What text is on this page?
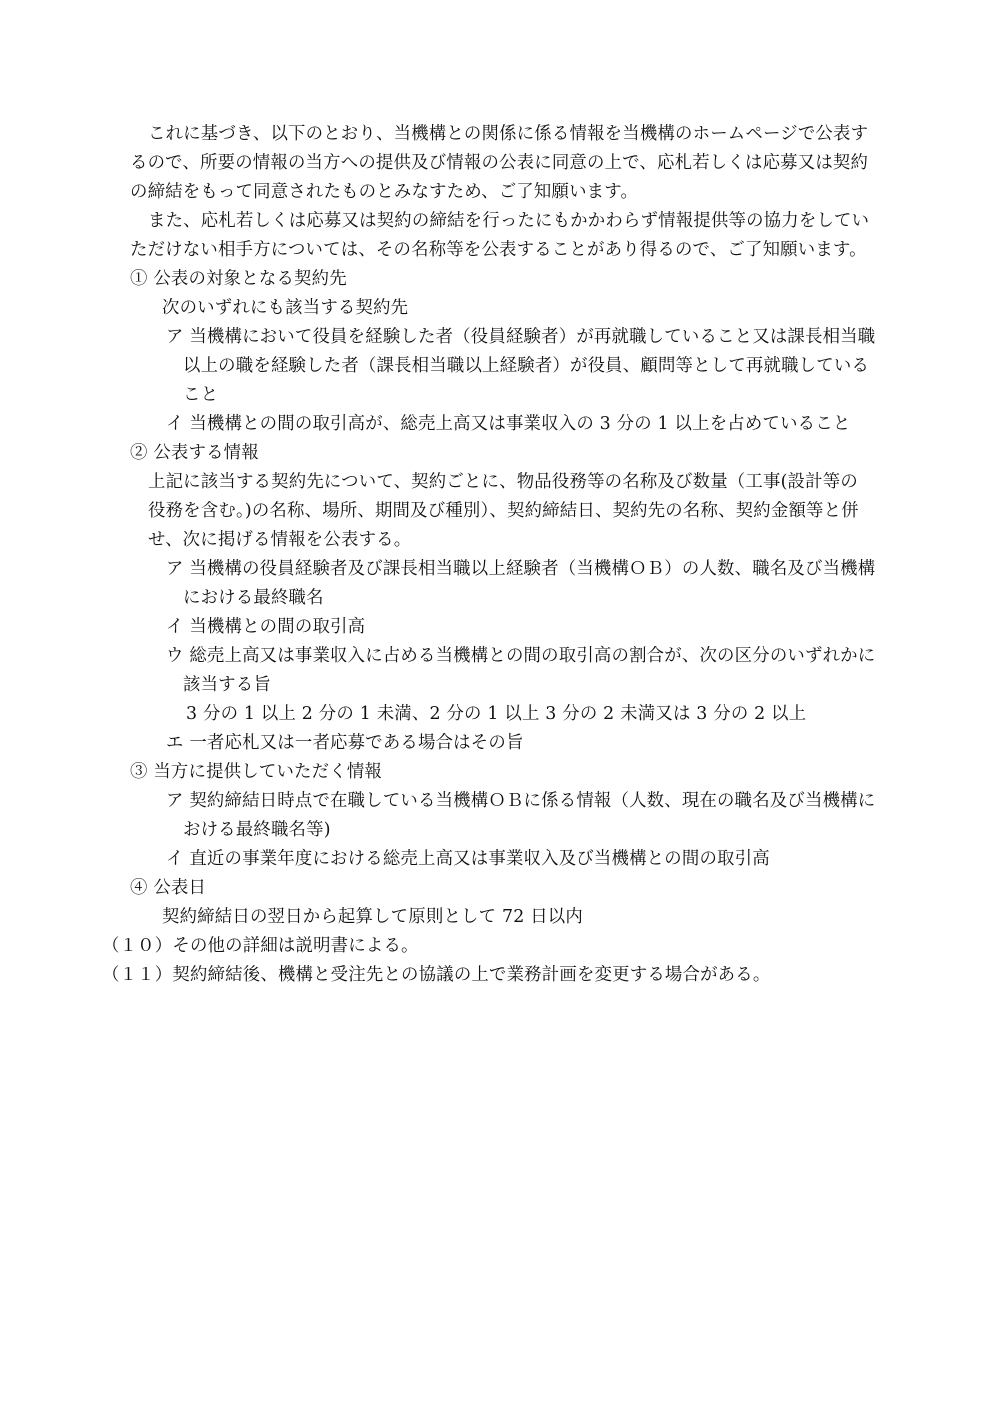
これに基づき、以下のとおり、当機構との関係に係る情報を当機構のホームページで公表す
るので、所要の情報の当方への提供及び情報の公表に同意の上で、応札若しくは応募又は契約
の締結をもって同意されたものとみなすため、ご了知願います。
また、応札若しくは応募又は契約の締結を行ったにもかかわらず情報提供等の協力をしてい
ただけない相手方については、その名称等を公表することがあり得るので、ご了知願います。
① 公表の対象となる契約先
次のいずれにも該当する契約先
ア 当機構において役員を経験した者（役員経験者）が再就職していること又は課長相当職
以上の職を経験した者（課長相当職以上経験者）が役員、顧問等として再就職している
こと
イ 当機構との間の取引高が、総売上高又は事業収入の 3 分の 1 以上を占めていること
② 公表する情報
上記に該当する契約先について、契約ごとに、物品役務等の名称及び数量（工事(設計等の
役務を含む。)の名称、場所、期間及び種別）、契約締結日、契約先の名称、契約金額等と併
せ、次に掲げる情報を公表する。
ア 当機構の役員経験者及び課長相当職以上経験者（当機構ＯＢ）の人数、職名及び当機構
における最終職名
イ 当機構との間の取引高
ウ 総売上高又は事業収入に占める当機構との間の取引高の割合が、次の区分のいずれかに
該当する旨
3 分の 1 以上 2 分の 1 未満、2 分の 1 以上 3 分の 2 未満又は 3 分の 2 以上
エ 一者応札又は一者応募である場合はその旨
③ 当方に提供していただく情報
ア 契約締結日時点で在職している当機構ＯＢに係る情報（人数、現在の職名及び当機構に
おける最終職名等)
イ 直近の事業年度における総売上高又は事業収入及び当機構との間の取引高
④ 公表日
契約締結日の翌日から起算して原則として 72 日以内
（１０）その他の詳細は説明書による。
（１１）契約締結後、機構と受注先との協議の上で業務計画を変更する場合がある。
